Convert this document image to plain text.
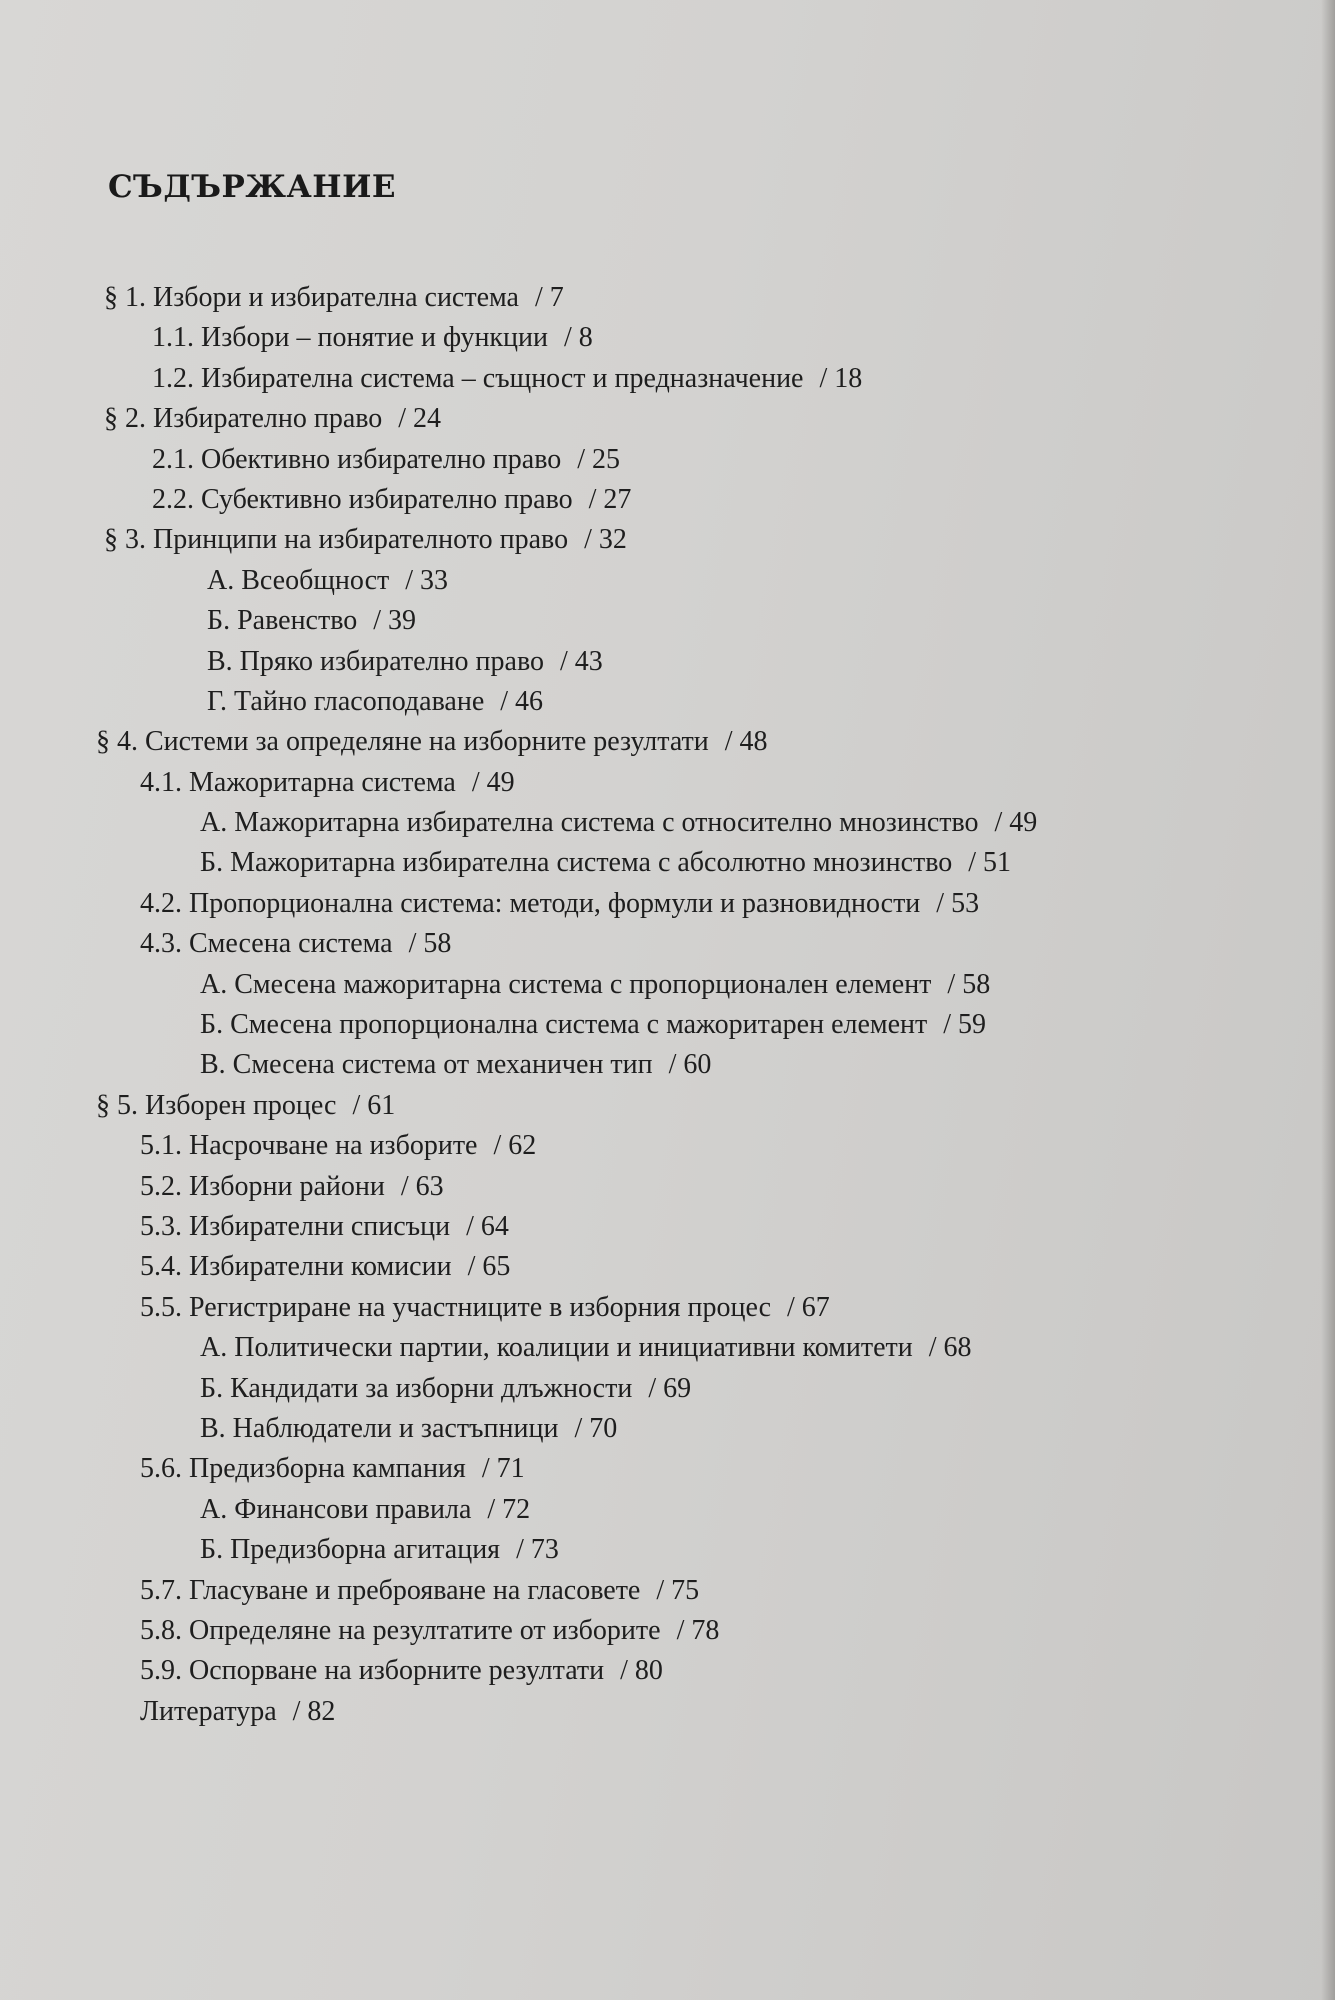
СЪДЪРЖАНИЕ
§ 1. Избори и избирателна система / 7
1.1. Избори – понятие и функции / 8
1.2. Избирателна система – същност и предназначение / 18
§ 2. Избирателно право / 24
2.1. Обективно избирателно право / 25
2.2. Субективно избирателно право / 27
§ 3. Принципи на избирателното право / 32
А. Всеобщност / 33
Б. Равенство / 39
В. Пряко избирателно право / 43
Г. Тайно гласоподаване / 46
§ 4. Системи за определяне на изборните резултати / 48
4.1. Мажоритарна система / 49
А. Мажоритарна избирателна система с относително мнозинство / 49
Б. Мажоритарна избирателна система с абсолютно мнозинство / 51
4.2. Пропорционална система: методи, формули и разновидности / 53
4.3. Смесена система / 58
А. Смесена мажоритарна система с пропорционален елемент / 58
Б. Смесена пропорционална система с мажоритарен елемент / 59
В. Смесена система от механичен тип / 60
§ 5. Изборен процес / 61
5.1. Насрочване на изборите / 62
5.2. Изборни райони / 63
5.3. Избирателни списъци / 64
5.4. Избирателни комисии / 65
5.5. Регистриране на участниците в изборния процес / 67
А. Политически партии, коалиции и инициативни комитети / 68
Б. Кандидати за изборни длъжности / 69
В. Наблюдатели и застъпници / 70
5.6. Предизборна кампания / 71
А. Финансови правила / 72
Б. Предизборна агитация / 73
5.7. Гласуване и преброяване на гласовете / 75
5.8. Определяне на резултатите от изборите / 78
5.9. Оспорване на изборните резултати / 80
Литература / 82
